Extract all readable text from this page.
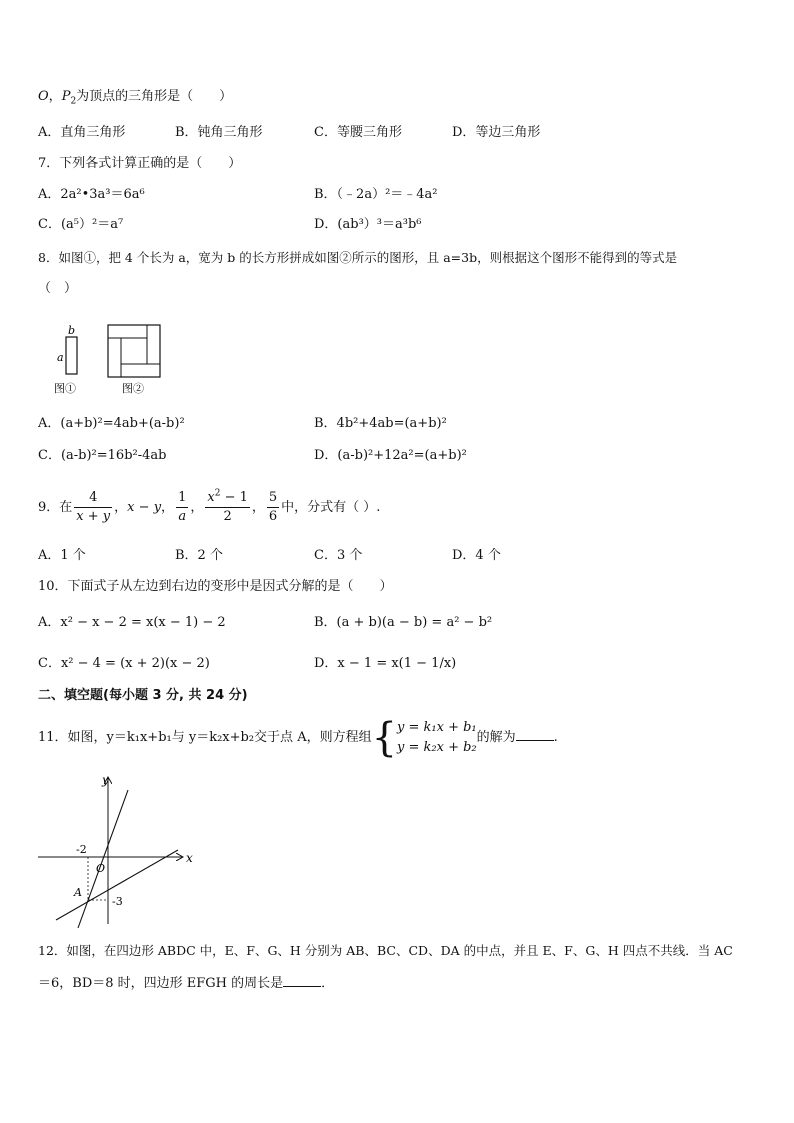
O，$P_2$为顶点的三角形是（　　）
A．直角三角形	B．钝角三角形	C．等腰三角形	D．等边三角形
7．下列各式计算正确的是（　　）
A．2a²•3a³＝6a⁶	B．（﹣2a）²＝﹣4a²
C．(a⁵）²＝a⁷	D．(ab³）³＝a³b⁶
8．如图①，把 4 个长为 a，宽为 b 的长方形拼成如图②所示的图形，且 a=3b，则根据这个图形不能得到的等式是
（　）
b
a
图①	图②
A．(a+b)²=4ab+(a-b)²	B．4b²+4ab=(a+b)²
C．(a-b)²=16b²-4ab	D．(a-b)²+12a²=(a+b)²
9．在 $\frac{4}{x + y}$ ，x − y， $\frac{1}{a}$ ， $\frac{x^2 - 1}{2}$ ， $\frac{5}{6}$ 中，分式有（ ）.
A．1 个	B．2 个	C．3 个	D．4 个
10．下面式子从左边到右边的变形中是因式分解的是（　　）
A．x² − x − 2 = x(x − 1) − 2	B．(a + b)(a − b) = a² − b²
C．x² − 4 = (x + 2)(x − 2)	D．x − 1 = x(1 − 1/x)
二、填空题(每小题 3 分, 共 24 分)
11．如图，y＝k₁x+b₁与 y＝k₂x+b₂交于点 A，则方程组{ y = k₁x + b₁
y = k₂x + b₂
的解为	.
x
y
-2
O
A
-3
12．如图，在四边形 ABDC 中，E、F、G、H 分别为 AB、BC、CD、DA 的中点，并且 E、F、G、H 四点不共线．当 AC
＝6，BD＝8 时，四边形 EFGH 的周长是	．
